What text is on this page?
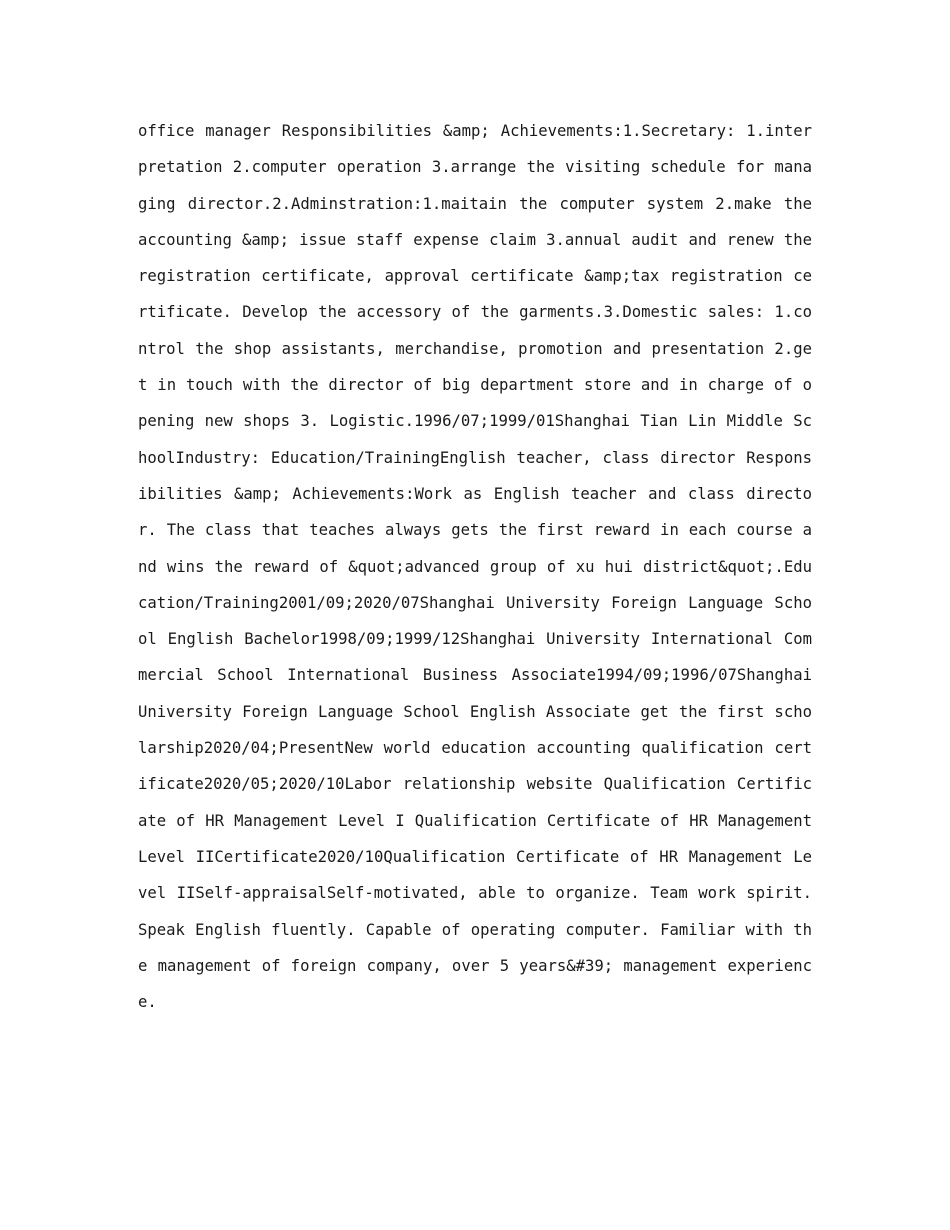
office manager Responsibilities &amp; Achievements:1.Secretary: 1.interpretation 2.computer operation 3.arrange the visiting schedule for managing director.2.Adminstration:1.maitain the computer system 2.make the accounting &amp; issue staff expense claim 3.annual audit and renew the registration certificate, approval certificate &amp;tax registration certificate. Develop the accessory of the garments.3.Domestic sales: 1.control the shop assistants, merchandise, promotion and presentation 2.get in touch with the director of big department store and in charge of opening new shops 3. Logistic.1996/07;1999/01Shanghai Tian Lin Middle SchoolIndustry: Education/TrainingEnglish teacher, class director Responsibilities &amp; Achievements:Work as English teacher and class director. The class that teaches always gets the first reward in each course and wins the reward of &quot;advanced group of xu hui district&quot;.Education/Training2001/09;2020/07Shanghai University Foreign Language School English Bachelor1998/09;1999/12Shanghai University International Commercial School International Business Associate1994/09;1996/07Shanghai University Foreign Language School English Associate get the first scholarship2020/04;PresentNew world education accounting qualification certificate2020/05;2020/10Labor relationship website Qualification Certificate of HR Management Level I Qualification Certificate of HR Management Level IICertificate2020/10Qualification Certificate of HR Management Level IISelf-appraisalSelf-motivated, able to organize. Team work spirit. Speak English fluently. Capable of operating computer. Familiar with the management of foreign company, over 5 years&#39; management experience.
